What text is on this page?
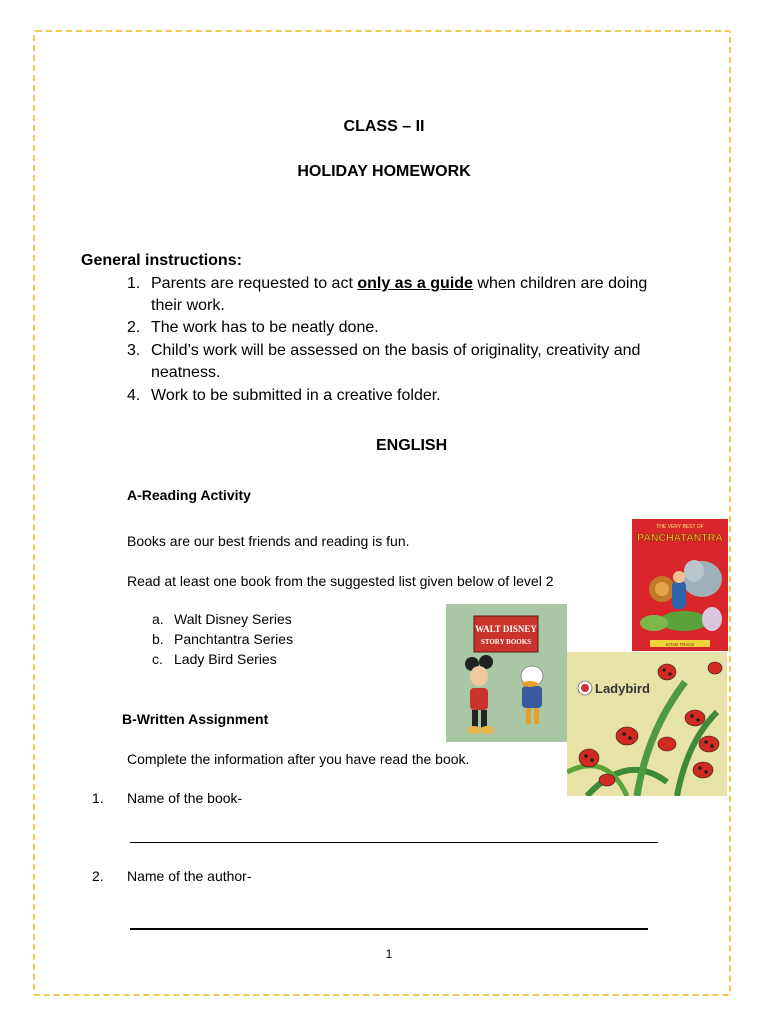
CLASS – II
HOLIDAY HOMEWORK
General instructions:
1. Parents are requested to act only as a guide when children are doing
their work.
2. The work has to be neatly done.
3. Child’s work will be assessed on the basis of originality, creativity and
neatness.
4. Work to be submitted in a creative folder.
ENGLISH
A-Reading Activity
Books are our best friends and reading is fun.
Read at least one book from the suggested list given below of level 2
a. Walt Disney Series
b. Panchtantra Series
c. Lady Bird Series
B-Written Assignment
Complete the information after you have read the book.
1. Name of the book-
2. Name of the author-
1
THE VERY BEST OF
PANCHATANTRA
KITAB TRACK
WALT DISNEY
STORY BOOKS
Ladybird
